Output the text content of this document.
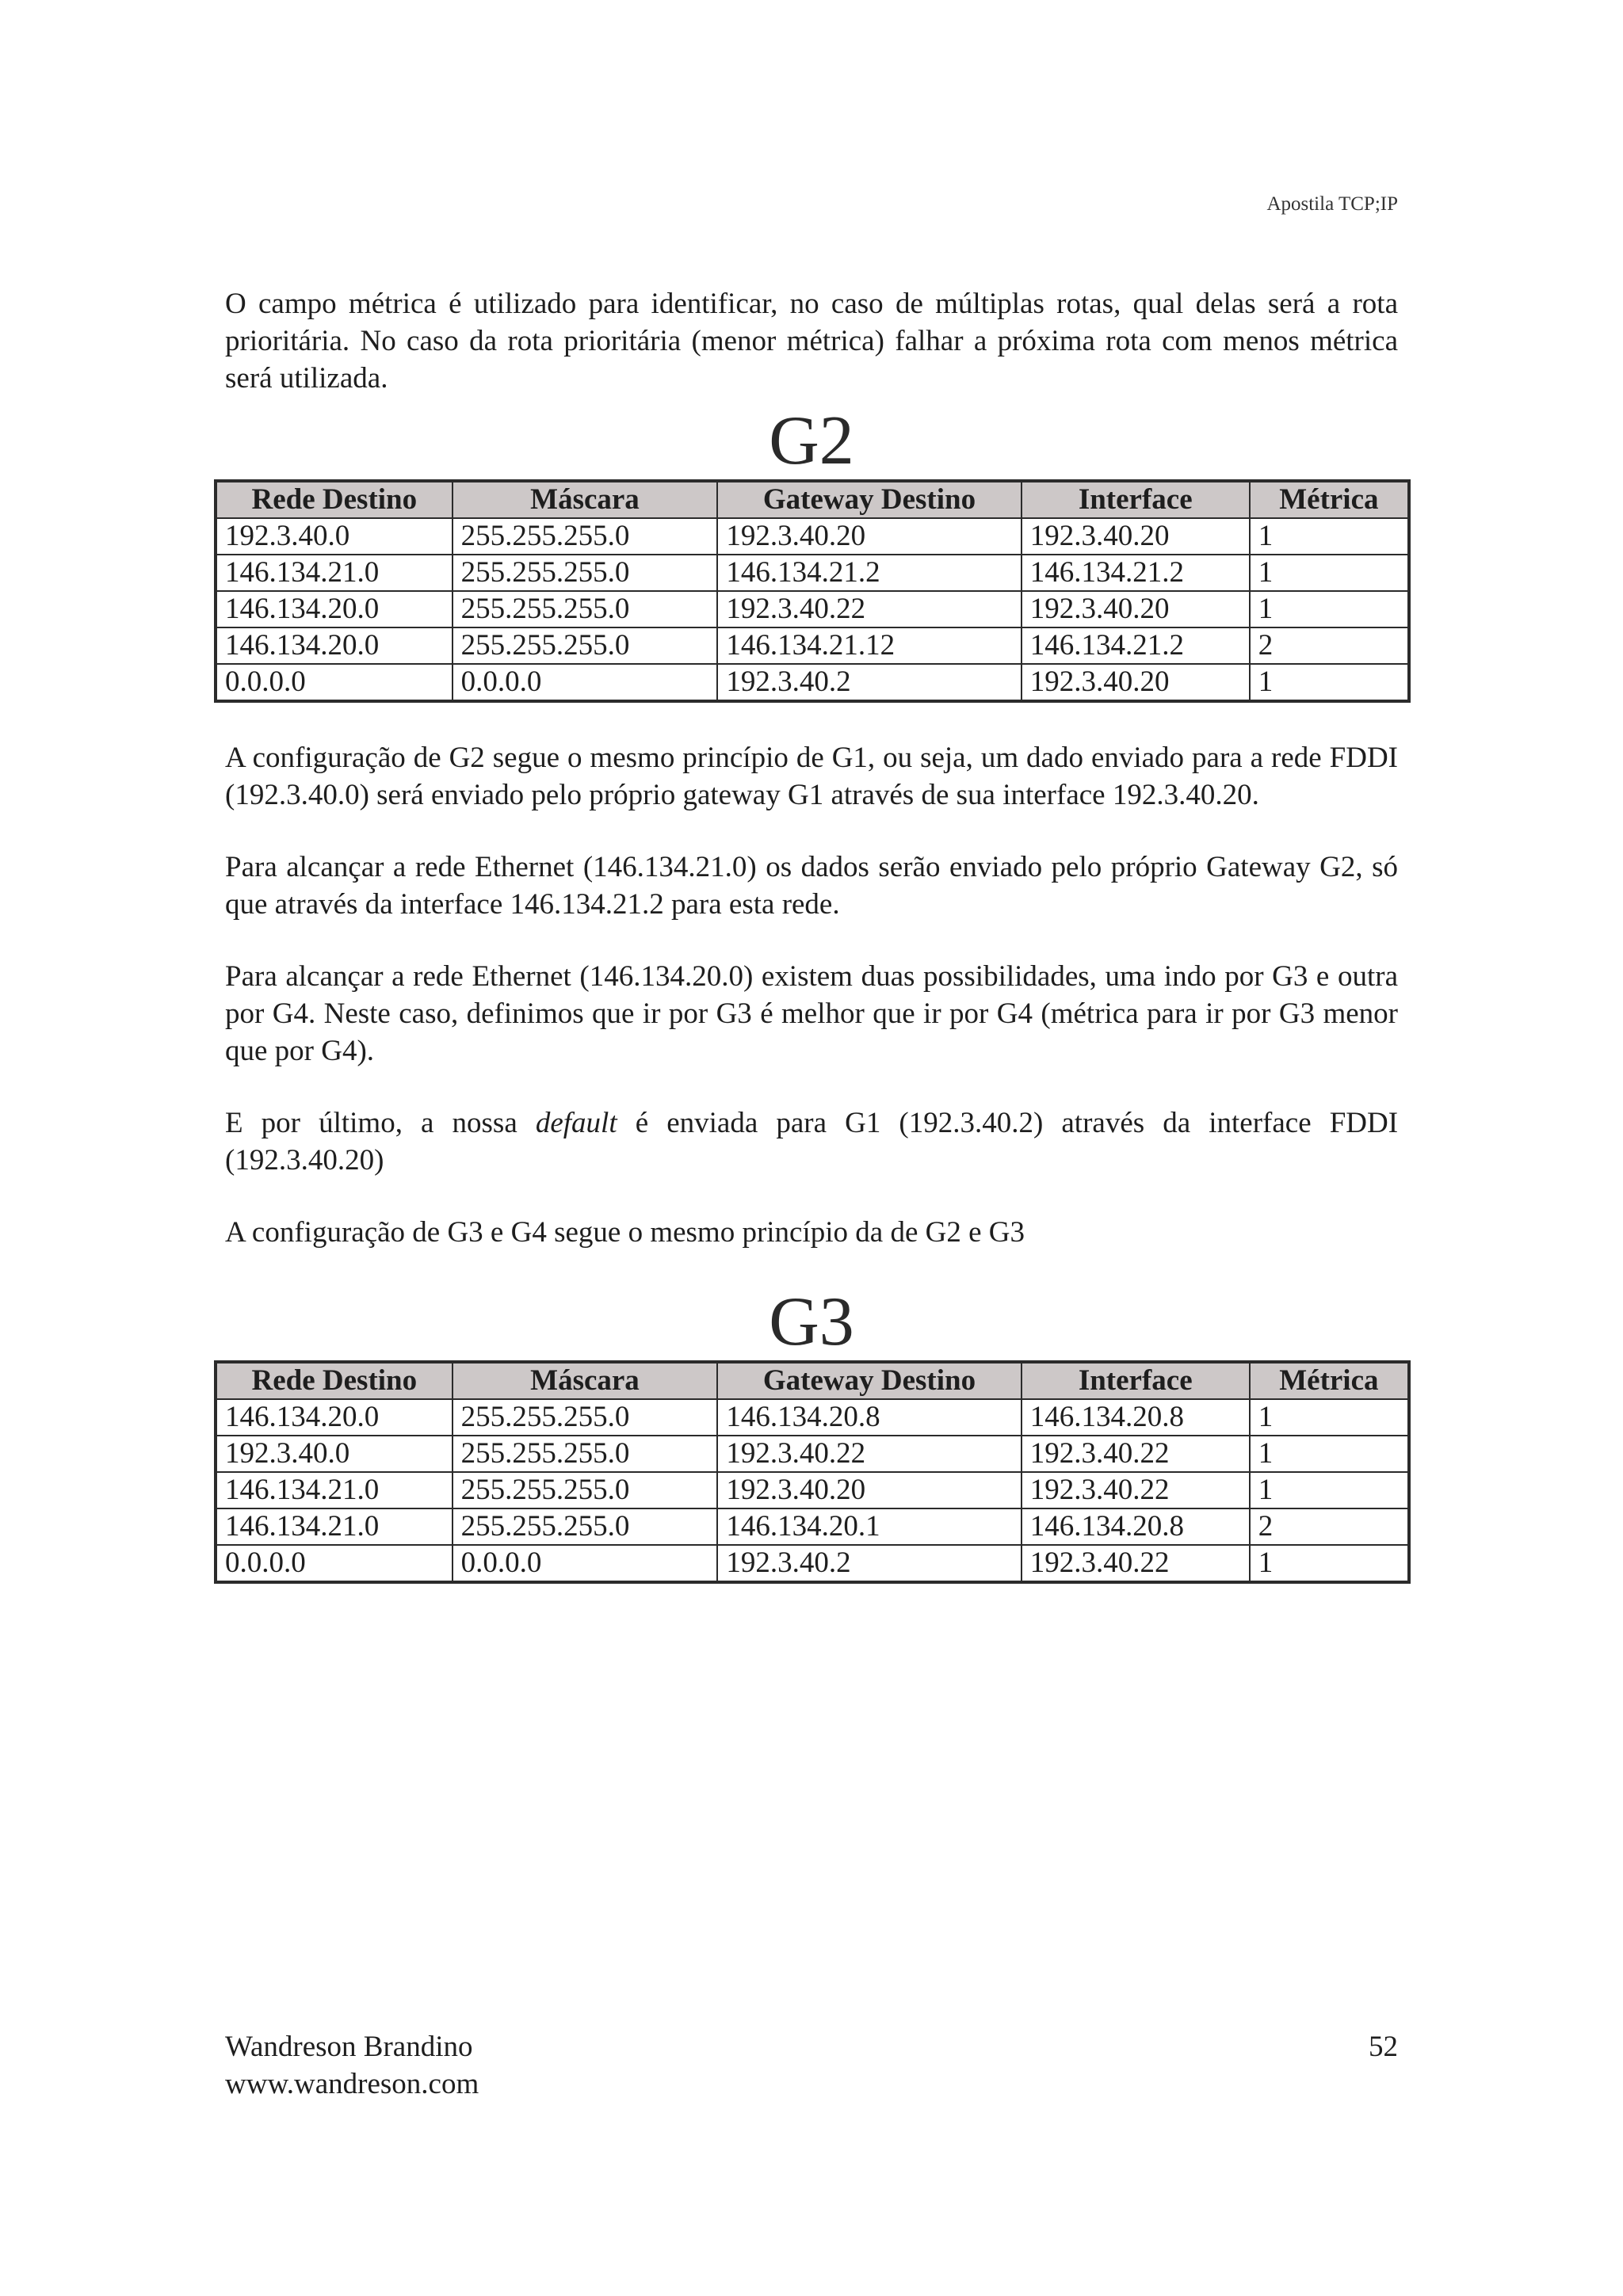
Apostila TCP;IP

O campo métrica é utilizado para identificar, no caso de múltiplas rotas, qual delas será a rota prioritária. No caso da rota prioritária (menor métrica) falhar a próxima rota com menos métrica será utilizada.

G2
Rede Destino	Máscara	Gateway Destino	Interface	Métrica
192.3.40.0	255.255.255.0	192.3.40.20	192.3.40.20	1
146.134.21.0	255.255.255.0	146.134.21.2	146.134.21.2	1
146.134.20.0	255.255.255.0	192.3.40.22	192.3.40.20	1
146.134.20.0	255.255.255.0	146.134.21.12	146.134.21.2	2
0.0.0.0	0.0.0.0	192.3.40.2	192.3.40.20	1

A configuração de G2 segue o mesmo princípio de G1, ou seja, um dado enviado para a rede FDDI (192.3.40.0) será enviado pelo próprio gateway G1 através de sua interface 192.3.40.20.

Para alcançar a rede Ethernet (146.134.21.0) os dados serão enviado pelo próprio Gateway G2, só que através da interface 146.134.21.2 para esta rede.

Para alcançar a rede Ethernet (146.134.20.0) existem duas possibilidades, uma indo por G3 e outra por G4. Neste caso, definimos que ir por G3 é melhor que ir por G4 (métrica para ir por G3 menor que por G4).

E por último, a nossa default é enviada para G1 (192.3.40.2) através da interface FDDI (192.3.40.20)

A configuração de G3 e G4 segue o mesmo princípio da de G2 e G3

G3
Rede Destino	Máscara	Gateway Destino	Interface	Métrica
146.134.20.0	255.255.255.0	146.134.20.8	146.134.20.8	1
192.3.40.0	255.255.255.0	192.3.40.22	192.3.40.22	1
146.134.21.0	255.255.255.0	192.3.40.20	192.3.40.22	1
146.134.21.0	255.255.255.0	146.134.20.1	146.134.20.8	2
0.0.0.0	0.0.0.0	192.3.40.2	192.3.40.22	1
Wandreson Brandino
www.wandreson.com
52
